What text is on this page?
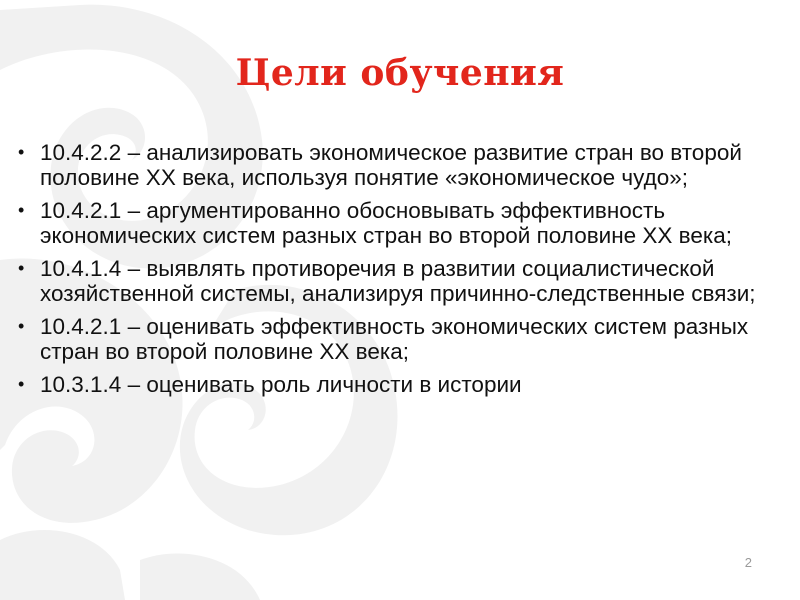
Цели обучения
• 10.4.2.2 – анализировать экономическое развитие стран во второй половине XX века, используя понятие «экономическое чудо»;
• 10.4.2.1 – аргументированно обосновывать эффективность экономических систем разных стран во второй половине ХХ века;
• 10.4.1.4 – выявлять противоречия в развитии социалистической хозяйственной системы, анализируя причинно-следственные связи;
• 10.4.2.1 – оценивать эффективность экономических систем разных стран во второй половине ХХ века;
• 10.3.1.4 – оценивать роль личности в истории
2
